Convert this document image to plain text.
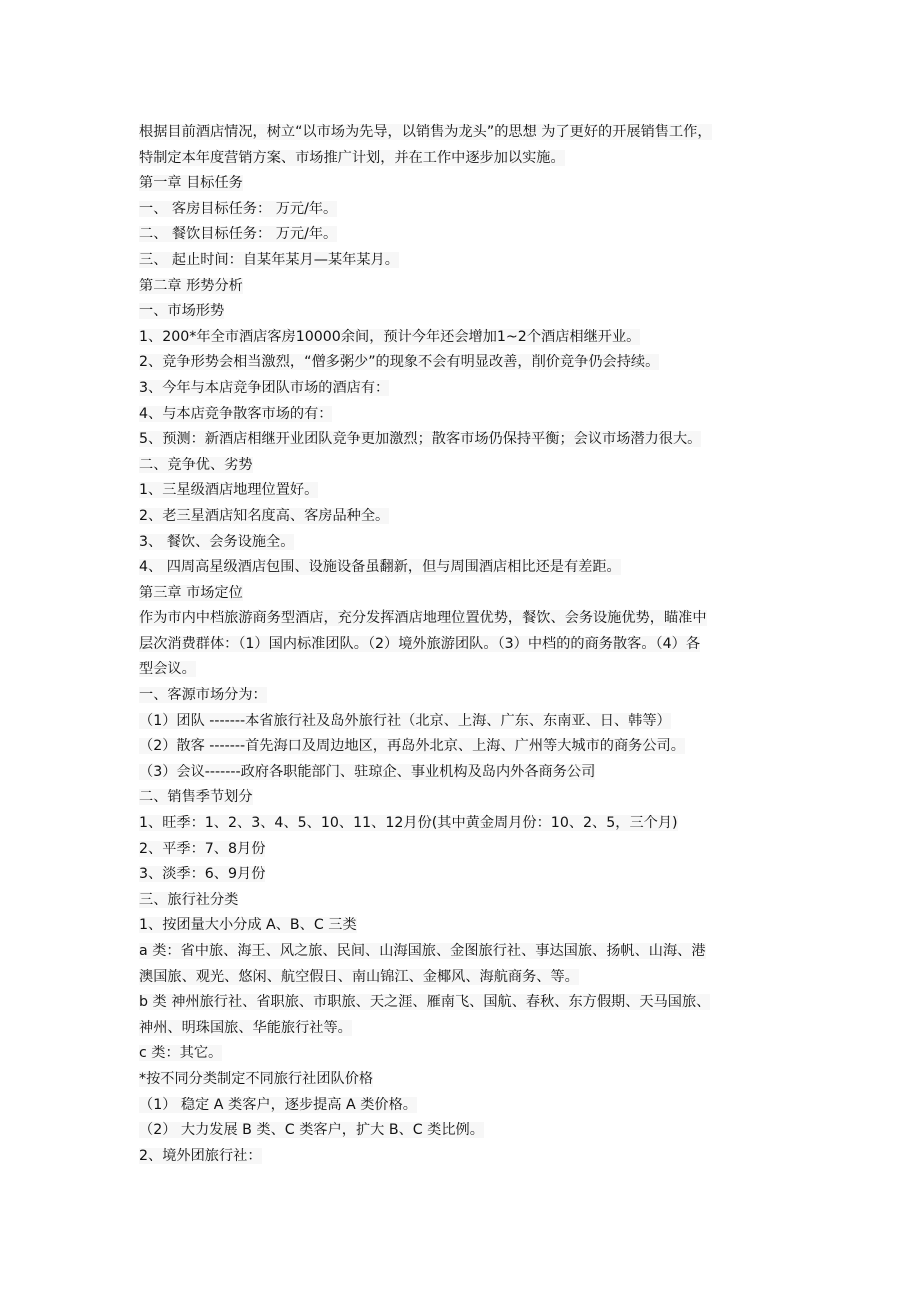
根据目前酒店情况，树立“以市场为先导，以销售为龙头”的思想 为了更好的开展销售工作，
特制定本年度营销方案、市场推广计划，并在工作中逐步加以实施。
第一章 目标任务
一、 客房目标任务： 万元/年。
二、 餐饮目标任务： 万元/年。
三、 起止时间：自某年某月—某年某月。
第二章 形势分析
一、市场形势
1、200*年全市酒店客房10000余间，预计今年还会增加1~2个酒店相继开业。
2、竞争形势会相当激烈，“僧多粥少”的现象不会有明显改善，削价竞争仍会持续。
3、今年与本店竞争团队市场的酒店有：
4、与本店竞争散客市场的有：
5、预测：新酒店相继开业团队竞争更加激烈；散客市场仍保持平衡；会议市场潜力很大。
二、竞争优、劣势
1、三星级酒店地理位置好。
2、老三星酒店知名度高、客房品种全。
3、 餐饮、会务设施全。
4、 四周高星级酒店包围、设施设备虽翻新，但与周围酒店相比还是有差距。
第三章 市场定位
作为市内中档旅游商务型酒店，充分发挥酒店地理位置优势，餐饮、会务设施优势，瞄准中
层次消费群体：（1）国内标准团队。（2）境外旅游团队。（3）中档的的商务散客。（4）各
型会议。
一、客源市场分为：
（1）团队 -------本省旅行社及岛外旅行社（北京、上海、广东、东南亚、日、韩等）
（2）散客 -------首先海口及周边地区，再岛外北京、上海、广州等大城市的商务公司。
（3）会议-------政府各职能部门、驻琼企、事业机构及岛内外各商务公司
二、销售季节划分
1、旺季：1、2、3、4、5、10、11、12月份(其中黄金周月份：10、2、5，三个月)
2、平季：7、8月份
3、淡季：6、9月份
三、旅行社分类
1、按团量大小分成 A、B、C 三类
a 类：省中旅、海王、风之旅、民间、山海国旅、金图旅行社、事达国旅、扬帆、山海、港
澳国旅、观光、悠闲、航空假日、南山锦江、金椰风、海航商务、等。
b 类 神州旅行社、省职旅、市职旅、天之涯、雁南飞、国航、春秋、东方假期、天马国旅、
神州、明珠国旅、华能旅行社等。
c 类：其它。
*按不同分类制定不同旅行社团队价格
（1） 稳定 A 类客户，逐步提高 A 类价格。
（2） 大力发展 B 类、C 类客户，扩大 B、C 类比例。
2、境外团旅行社：
